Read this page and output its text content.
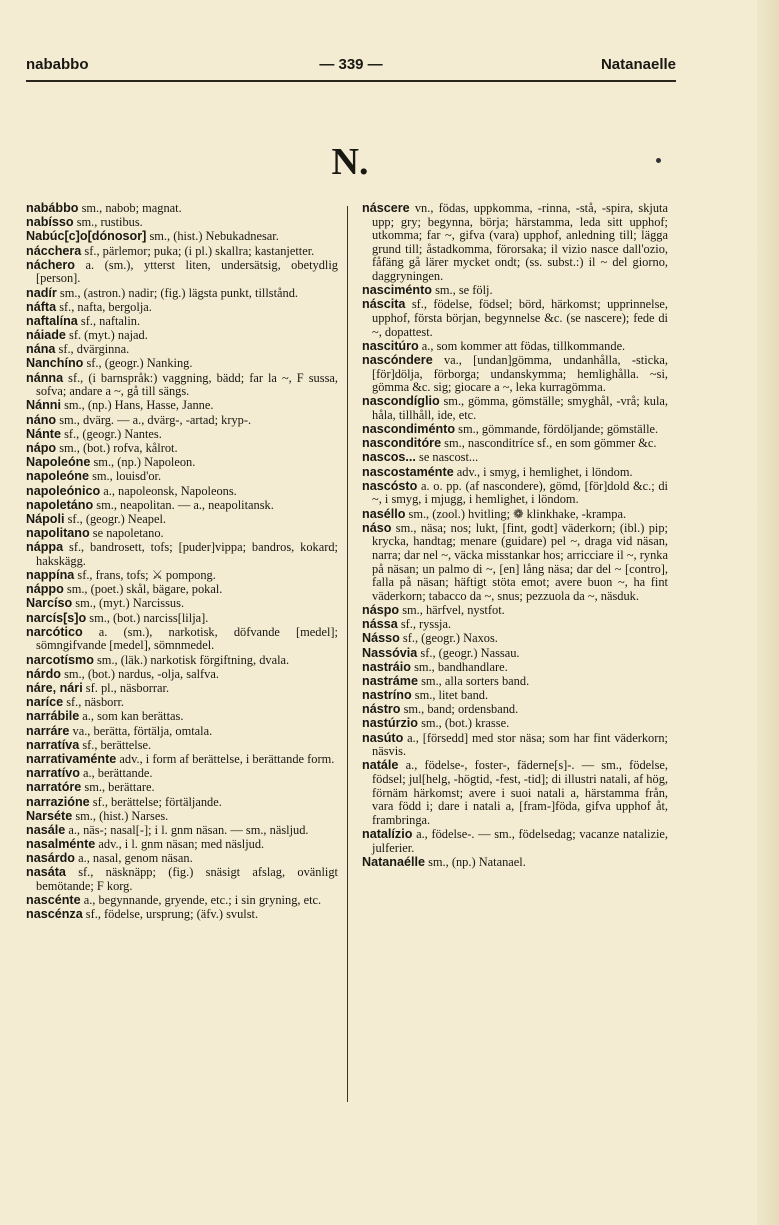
nababbo	— 339 —	Natanaelle
N.
nabábbo sm., nabob; magnat.
nabísso sm., rustibus.
Nabúc[c]o[dónosor] sm., (hist.) Nebukadnesar.
nácchera sf., pärlemor; puka; (i pl.) skallra; kastanjetter.
náchero a. (sm.), ytterst liten, undersätsig, obetydlig [person].
nadír sm., (astron.) nadir; (fig.) lägsta punkt, tillstånd.
náfta sf., nafta, bergolja.
naftalína sf., naftalin.
náiade sf. (myt.) najad.
nána sf., dvärginna.
Nanchíno sf., (geogr.) Nanking.
nánna sf., (i barnspråk:) vaggning, bädd; far la ~, F sussa, sofva; andare a ~, gå till sängs.
Nánni sm., (np.) Hans, Hasse, Janne.
náno sm., dvärg. — a., dvärg-, -artad; kryp-.
Nánte sf., (geogr.) Nantes.
nápo sm., (bot.) rofva, kålrot.
Napoleóne sm., (np.) Napoleon.
napoleóne sm., louisd'or.
napoleónico a., napoleonsk, Napoleons.
napoletáno sm., neapolitan. — a., neapolitansk.
Nápoli sf., (geogr.) Neapel.
napolitano se napoletano.
náppa sf., bandrosett, tofs; [puder]vippa; bandros, kokard; hakskägg.
nappína sf., frans, tofs; ⚔ pompong.
náppo sm., (poet.) skål, bägare, pokal.
Narcíso sm., (myt.) Narcissus.
narcís[s]o sm., (bot.) narciss[lilja].
narcótico a. (sm.), narkotisk, döfvande [medel]; sömngifvande [medel], sömnmedel.
narcotísmo sm., (läk.) narkotisk förgiftning, dvala.
nárdo sm., (bot.) nardus, -olja, salfva.
nárе, nári sf. pl., näsborrar.
naríce sf., näsborr.
narrábile a., som kan berättas.
narráre va., berätta, förtälja, omtala.
narratíva sf., berättelse.
narrativaménte adv., i form af berättelse, i berättande form.
narratívo a., berättande.
narratóre sm., berättare.
narrazióne sf., berättelse; förtäljande.
Narséte sm., (hist.) Narses.
nasále a., näs-; nasal[-]; i l. gnm näsan. — sm., näsljud.
nasalménte adv., i l. gnm näsan; med näsljud.
nasárdo a., nasal, genom näsan.
nasáta sf., näsknäpp; (fig.) snäsigt afslag, ovänligt bemötande; F korg.
nascénte a., begynnande, gryende, etc.; i sin gryning, etc.
nascénza sf., födelse, ursprung; (äfv.) svulst.
náscere vn., födas, uppkomma, -rinna, -stå, -spira, skjuta upp; gry; begynna, börja; härstamma, leda sitt upphof; utkomma; far ~, gifva (vara) upphof, anledning till; lägga grund till; åstadkomma, förorsaka; il vizio nasce dall'ozio, fåfäng gå lärer mycket ondt; (ss. subst.:) il ~ del giorno, daggryningen.
nasciménto sm., se följ.
náscita sf., födelse, födsel; börd, härkomst; upprinnelse, upphof, första början, begynnelse &c. (se nascere); fede di ~, dopattest.
nascitúro a., som kommer att födas, tillkommande.
nascóndere va., [undan]gömma, undanhålla, -sticka, [för]dölja, förborga; undanskymma; hemlighålla. ~si, gömma &c. sig; giocare a ~, leka kurragömma.
nascondíglio sm., gömma, gömställe; smyghål, -vrå; kula, håla, tillhåll, ide, etc.
nascondiménto sm., gömmande, fördöljande; gömställe.
nasconditóre sm., nasconditríce sf., en som gömmer &c.
nascos... se nascost...
nascostaménte adv., i smyg, i hemlighet, i löndom.
nascósto a. o. pp. (af nascondere), gömd, [för]dold &c.; di ~, i smyg, i mjugg, i hemlighet, i löndom.
naséllo sm., (zool.) hvitling; ❁ klinkhake, -krampa.
náso sm., näsa; nos; lukt, [fint, godt] väderkorn; (ibl.) pip; krycka, handtag; menare (guidare) pel ~, draga vid näsan, narra; dar nel ~, väcka misstankar hos; arricciare il ~, rynka på näsan; un palmo di ~, [en] lång näsa; dar del ~ [contro], falla på näsan; häftigt stöta emot; avere buon ~, ha fint väderkorn; tabacco da ~, snus; pezzuola da ~, näsduk.
náspo sm., härfvel, nystfot.
nássa sf., ryssja.
Násso sf., (geogr.) Naxos.
Nassóvia sf., (geogr.) Nassau.
nastráio sm., bandhandlare.
nastráme sm., alla sorters band.
nastríno sm., litet band.
nástro sm., band; ordensband.
nastúrzio sm., (bot.) krasse.
nasúto a., [försedd] med stor näsa; som har fint väderkorn; näsvis.
natále a., födelse-, foster-, fäderne[s]-. — sm., födelse, födsel; jul[helg, -högtid, -fest, -tid]; di illustri natali, af hög, förnäm härkomst; avere i suoi natali a, härstamma från, vara född i; dare i natali a, [fram-]föda, gifva upphof åt, frambringa.
natalízio a., födelse-. — sm., födelsedag; vacanze natalizie, julferier.
Natanaélle sm., (np.) Natanael.
